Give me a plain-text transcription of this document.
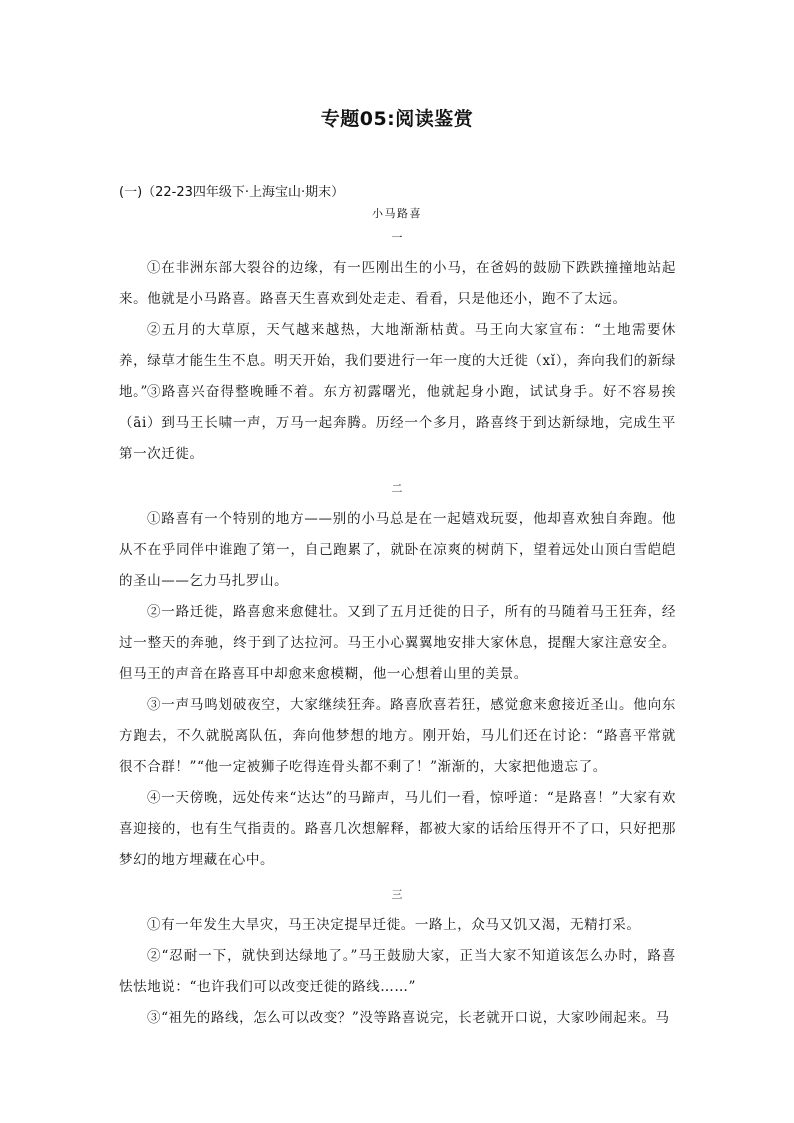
专题05:阅读鉴赏
(一)（22-23四年级下·上海宝山·期末）
小马路喜
一

①在非洲东部大裂谷的边缘，有一匹刚出生的小马，在爸妈的鼓励下跌跌撞撞地站起来。他就是小马路喜。路喜天生喜欢到处走走、看看，只是他还小，跑不了太远。

②五月的大草原，天气越来越热，大地渐渐枯黄。马王向大家宣布：“土地需要休养，绿草才能生生不息。明天开始，我们要进行一年一度的大迁徙（xǐ），奔向我们的新绿地。” ③路喜兴奋得整晚睡不着。东方初露曙光，他就起身小跑，试试身手。好不容易挨（āi）到马王长啸一声，万马一起奔腾。历经一个多月，路喜终于到达新绿地，完成生平第一次迁徙。

二

①路喜有一个特别的地方——别的小马总是在一起嬉戏玩耍，他却喜欢独自奔跑。他从不在乎同伴中谁跑了第一，自己跑累了，就卧在凉爽的树荫下，望着远处山顶白雪皑皑的圣山——乞力马扎罗山。

②一路迁徙，路喜愈来愈健壮。又到了五月迁徙的日子，所有的马随着马王狂奔，经过一整天的奔驰，终于到了达拉河。马王小心翼翼地安排大家休息，提醒大家注意安全。但马王的声音在路喜耳中却愈来愈模糊，他一心想着山里的美景。

③一声马鸣划破夜空，大家继续狂奔。路喜欣喜若狂，感觉愈来愈接近圣山。他向东方跑去，不久就脱离队伍，奔向他梦想的地方。刚开始，马儿们还在讨论：“路喜平常就很不合群！”“他一定被狮子吃得连骨头都不剩了！”渐渐的，大家把他遗忘了。

④一天傍晚，远处传来“达达”的马蹄声，马儿们一看，惊呼道：“是路喜！”大家有欢喜迎接的，也有生气指责的。路喜几次想解释，都被大家的话给压得开不了口，只好把那梦幻的地方埋藏在心中。

三

①有一年发生大旱灾，马王决定提早迁徙。一路上，众马又饥又渴，无精打采。

②“忍耐一下，就快到达绿地了。”马王鼓励大家，正当大家不知道该怎么办时，路喜怯怯地说：“也许我们可以改变迁徙的路线……”

③“祖先的路线，怎么可以改变？”没等路喜说完，长老就开口说，大家吵闹起来。马
